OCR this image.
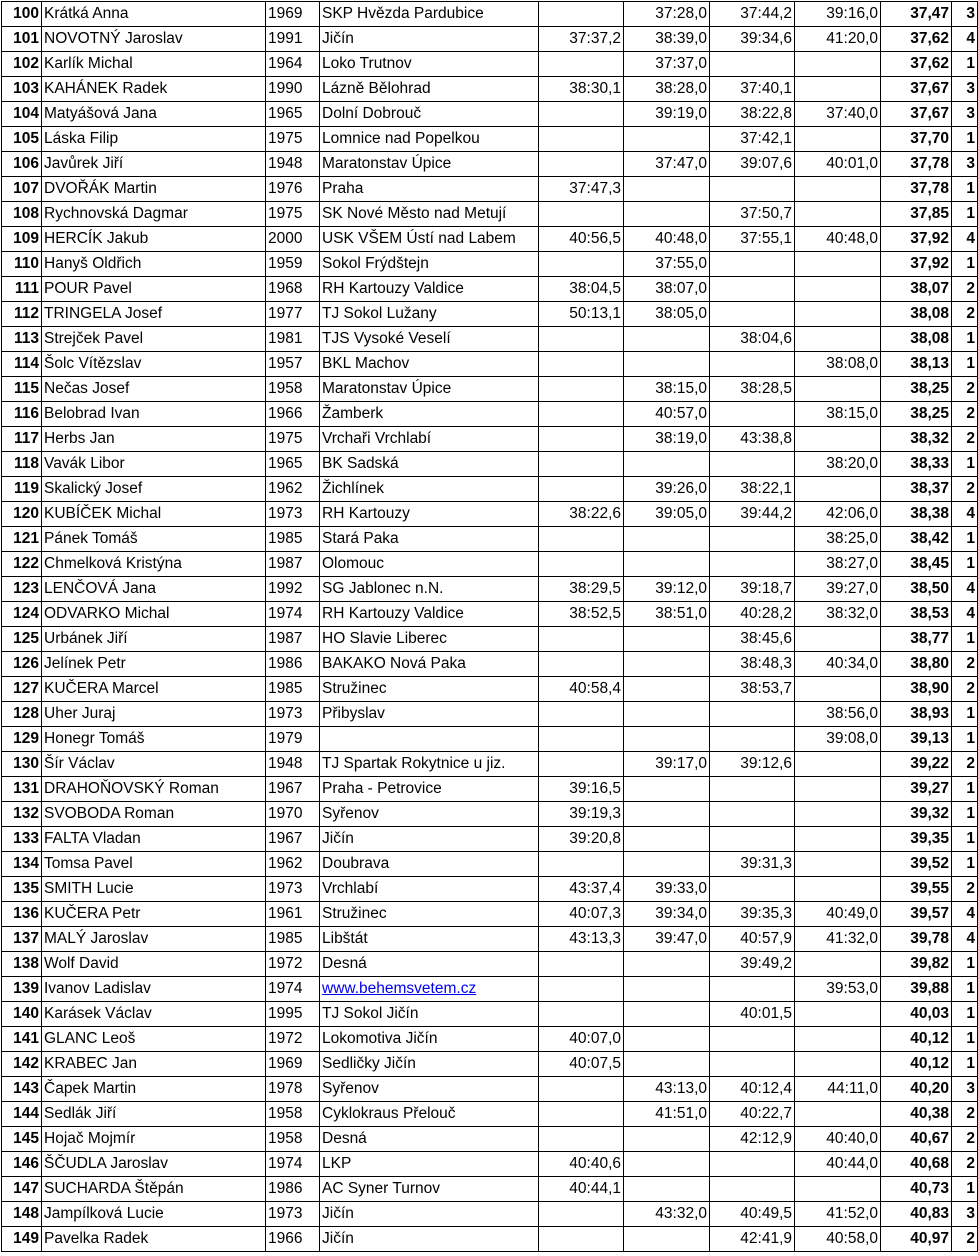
100	Krátká Anna	1969	SKP Hvězda Pardubice		37:28,0	37:44,2	39:16,0	37,47	3
101	NOVOTNÝ Jaroslav	1991	Jičín	37:37,2	38:39,0	39:34,6	41:20,0	37,62	4
102	Karlík Michal	1964	Loko Trutnov		37:37,0			37,62	1
103	KAHÁNEK Radek	1990	Lázně Bělohrad	38:30,1	38:28,0	37:40,1		37,67	3
104	Matyášová Jana	1965	Dolní Dobrouč		39:19,0	38:22,8	37:40,0	37,67	3
105	Láska Filip	1975	Lomnice nad Popelkou			37:42,1		37,70	1
106	Javůrek Jiří	1948	Maratonstav Úpice		37:47,0	39:07,6	40:01,0	37,78	3
107	DVOŘÁK Martin	1976	Praha	37:47,3				37,78	1
108	Rychnovská Dagmar	1975	SK Nové Město nad Metují			37:50,7		37,85	1
109	HERCÍK Jakub	2000	USK VŠEM Ústí nad Labem	40:56,5	40:48,0	37:55,1	40:48,0	37,92	4
110	Hanyš Oldřich	1959	Sokol Frýdštejn		37:55,0			37,92	1
111	POUR Pavel	1968	RH Kartouzy Valdice	38:04,5	38:07,0			38,07	2
112	TRINGELA Josef	1977	TJ Sokol Lužany	50:13,1	38:05,0			38,08	2
113	Strejček Pavel	1981	TJS Vysoké Veselí			38:04,6		38,08	1
114	Šolc Vítězslav	1957	BKL Machov				38:08,0	38,13	1
115	Nečas Josef	1958	Maratonstav Úpice		38:15,0	38:28,5		38,25	2
116	Belobrad Ivan	1966	Žamberk		40:57,0		38:15,0	38,25	2
117	Herbs Jan	1975	Vrchaři Vrchlabí		38:19,0	43:38,8		38,32	2
118	Vavák Libor	1965	BK Sadská				38:20,0	38,33	1
119	Skalický Josef	1962	Žichlínek		39:26,0	38:22,1		38,37	2
120	KUBÍČEK Michal	1973	RH Kartouzy	38:22,6	39:05,0	39:44,2	42:06,0	38,38	4
121	Pánek Tomáš	1985	Stará Paka				38:25,0	38,42	1
122	Chmelková Kristýna	1987	Olomouc				38:27,0	38,45	1
123	LENČOVÁ Jana	1992	SG Jablonec n.N.	38:29,5	39:12,0	39:18,7	39:27,0	38,50	4
124	ODVARKO Michal	1974	RH Kartouzy Valdice	38:52,5	38:51,0	40:28,2	38:32,0	38,53	4
125	Urbánek Jiří	1987	HO Slavie Liberec			38:45,6		38,77	1
126	Jelínek Petr	1986	BAKAKO Nová Paka			38:48,3	40:34,0	38,80	2
127	KUČERA Marcel	1985	Stružinec	40:58,4		38:53,7		38,90	2
128	Uher Juraj	1973	Přibyslav				38:56,0	38,93	1
129	Honegr Tomáš	1979					39:08,0	39,13	1
130	Šír Václav	1948	TJ Spartak Rokytnice u jiz.		39:17,0	39:12,6		39,22	2
131	DRAHOŇOVSKÝ Roman	1967	Praha - Petrovice	39:16,5				39,27	1
132	SVOBODA Roman	1970	Syřenov	39:19,3				39,32	1
133	FALTA Vladan	1967	Jičín	39:20,8				39,35	1
134	Tomsa Pavel	1962	Doubrava			39:31,3		39,52	1
135	SMITH Lucie	1973	Vrchlabí	43:37,4	39:33,0			39,55	2
136	KUČERA Petr	1961	Stružinec	40:07,3	39:34,0	39:35,3	40:49,0	39,57	4
137	MALÝ Jaroslav	1985	Libštát	43:13,3	39:47,0	40:57,9	41:32,0	39,78	4
138	Wolf David	1972	Desná			39:49,2		39,82	1
139	Ivanov Ladislav	1974	www.behemsvetem.cz				39:53,0	39,88	1
140	Karásek Václav	1995	TJ Sokol Jičín			40:01,5		40,03	1
141	GLANC Leoš	1972	Lokomotiva Jičín	40:07,0				40,12	1
142	KRABEC Jan	1969	Sedličky Jičín	40:07,5				40,12	1
143	Čapek Martin	1978	Syřenov		43:13,0	40:12,4	44:11,0	40,20	3
144	Sedlák Jiří	1958	Cyklokraus Přelouč		41:51,0	40:22,7		40,38	2
145	Hojač Mojmír	1958	Desná			42:12,9	40:40,0	40,67	2
146	ŠČUDLA Jaroslav	1974	LKP	40:40,6			40:44,0	40,68	2
147	SUCHARDA Štěpán	1986	AC Syner Turnov	40:44,1				40,73	1
148	Jampílková Lucie	1973	Jičín		43:32,0	40:49,5	41:52,0	40,83	3
149	Pavelka Radek	1966	Jičín			42:41,9	40:58,0	40,97	2
